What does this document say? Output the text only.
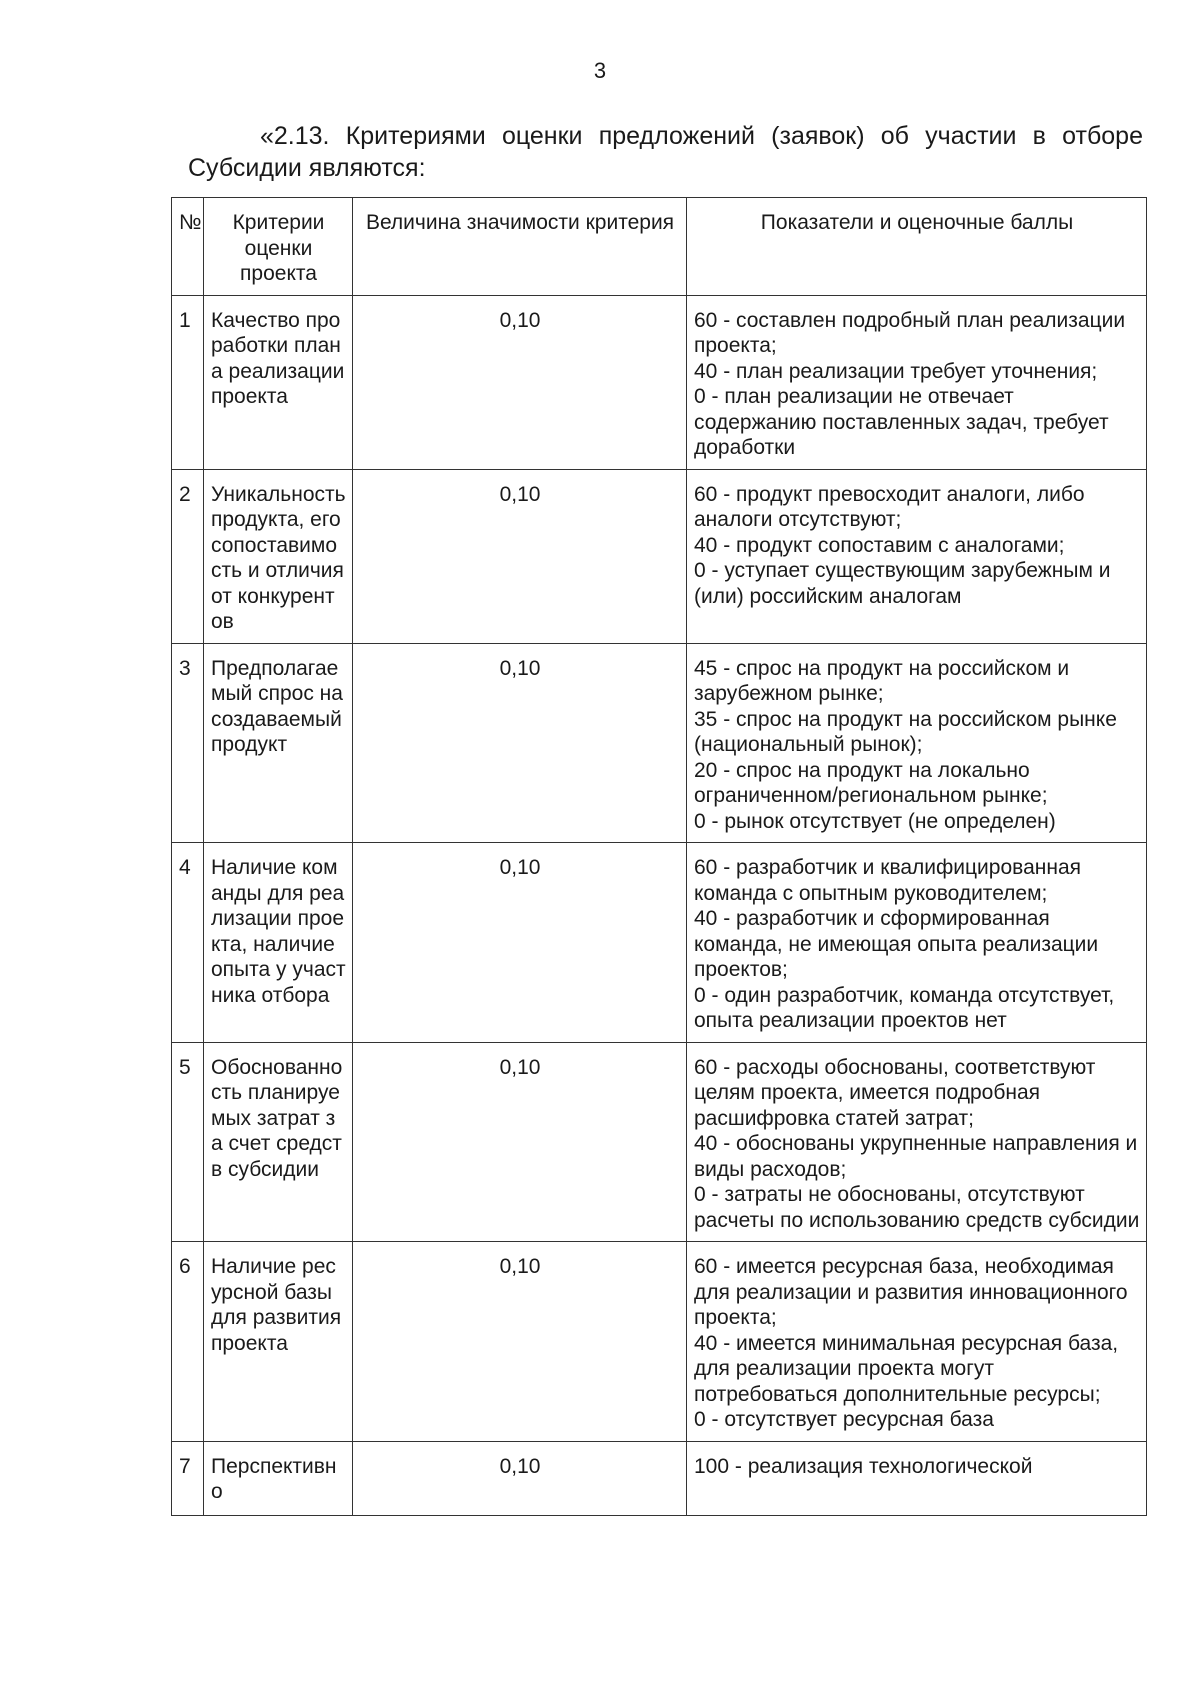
3
«2.13. Критериями оценки предложений (заявок) об участии в отборе
Субсидии являются:
№	Критерии оценки проекта	Величина значимости критерия	Показатели и оценочные баллы
1	Качество проработки плана реализации проекта	0,10	60 - составлен подробный план реализации проекта;
40 - план реализации требует уточнения;
0 - план реализации не отвечает содержанию поставленных задач, требует доработки

2	Уникальность продукта, его сопоставимость и отличия от конкурентов	0,10	60 - продукт превосходит аналоги, либо аналоги отсутствуют;
40 - продукт сопоставим с аналогами;
0 - уступает существующим зарубежным и (или) российским аналогам

3	Предполагаемый спрос на создаваемый продукт	0,10	45 - спрос на продукт на российском и зарубежном рынке;
35 - спрос на продукт на российском рынке (национальный рынок);
20 - спрос на продукт на локально ограниченном/региональном рынке;
0 - рынок отсутствует (не определен)

4	Наличие команды для реализации проекта, наличие опыта у участника отбора	0,10	60 - разработчик и квалифицированная команда с опытным руководителем;
40 - разработчик и сформированная команда, не имеющая опыта реализации проектов;
0 - один разработчик, команда отсутствует, опыта реализации проектов нет

5	Обоснованность планируемых затрат за счет средств субсидии	0,10	60 - расходы обоснованы, соответствуют целям проекта, имеется подробная расшифровка статей затрат;
40 - обоснованы укрупненные направления и виды расходов;
0 - затраты не обоснованы, отсутствуют расчеты по использованию средств субсидии

6	Наличие ресурсной базы для развития проекта	0,10	60 - имеется ресурсная база, необходимая для реализации и развития инновационного проекта;
40 - имеется минимальная ресурсная база, для реализации проекта могут потребоваться дополнительные ресурсы;
0 - отсутствует ресурсная база

7	Перспективно	0,10	100 - реализация технологической
